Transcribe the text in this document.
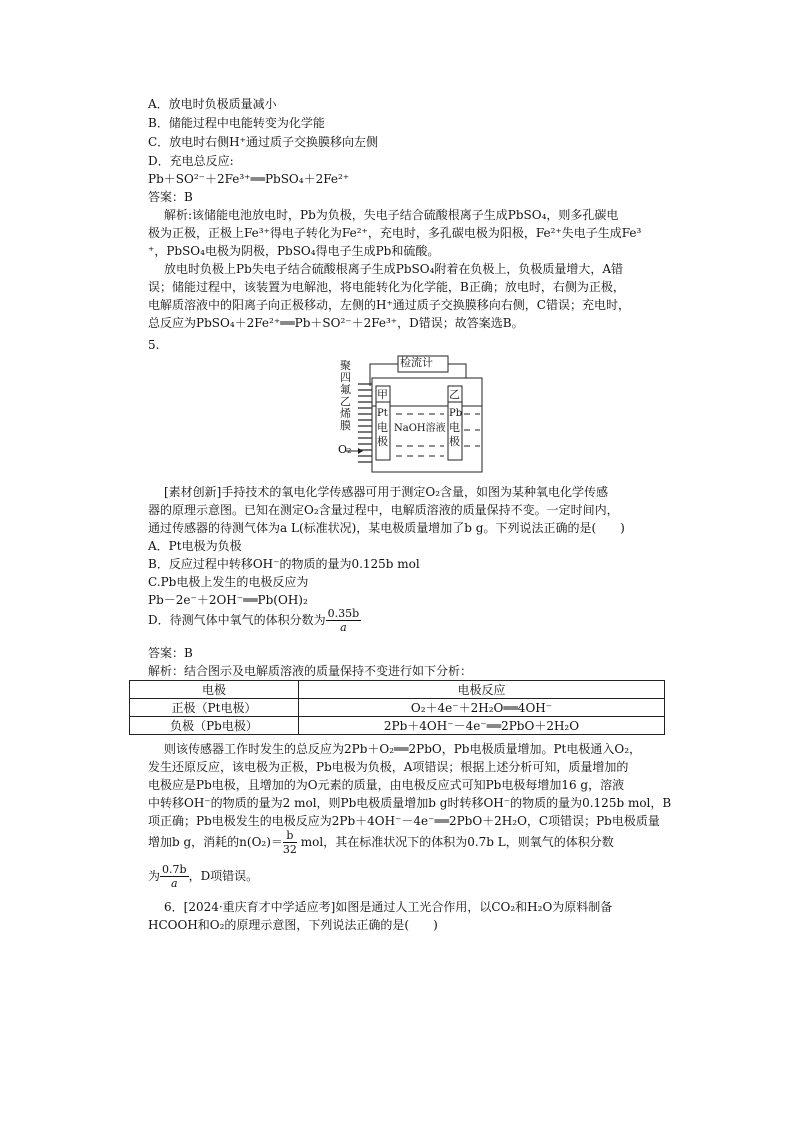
A．放电时负极质量减小
B．储能过程中电能转变为化学能
C．放电时右侧H⁺通过质子交换膜移向左侧
D．充电总反应:
Pb＋SO²⁻＋2Fe³⁺══PbSO₄＋2Fe²⁺
答案：B
解析:该储能电池放电时，Pb为负极，失电子结合硫酸根离子生成PbSO₄，则多孔碳电
极为正极，正极上Fe³⁺得电子转化为Fe²⁺，充电时，多孔碳电极为阳极，Fe²⁺失电子生成Fe³
⁺，PbSO₄电极为阴极，PbSO₄得电子生成Pb和硫酸。
放电时负极上Pb失电子结合硫酸根离子生成PbSO₄附着在负极上，负极质量增大，A错
误；储能过程中，该装置为电解池，将电能转化为化学能，B正确；放电时，右侧为正极，
电解质溶液中的阳离子向正极移动，左侧的H⁺通过质子交换膜移向右侧，C错误；充电时，
总反应为PbSO₄＋2Fe²⁺══Pb＋SO²⁻＋2Fe³⁺，D错误；故答案选B。
5.
检流计
聚
四
氟
乙
烯
膜
O₂
甲	乙
Pt
电
极
Pb
电
极
NaOH溶液
[素材创新]手持技术的氧电化学传感器可用于测定O₂含量，如图为某种氧电化学传感
器的原理示意图。已知在测定O₂含量过程中，电解质溶液的质量保持不变。一定时间内，
通过传感器的待测气体为a L(标准状况)，某电极质量增加了b g。下列说法正确的是(　　)
A．Pt电极为负极
B．反应过程中转移OH⁻的物质的量为0.125b mol
C.Pb电极上发生的电极反应为
Pb－2e⁻＋2OH⁻══Pb(OH)₂
D．待测气体中氧气的体积分数为 $\frac{0.35b}{a}$
答案：B
解析：结合图示及电解质溶液的质量保持不变进行如下分析：
电极	电极反应
正极（Pt电极）	O₂＋4e⁻＋2H₂O══4OH⁻
负极（Pb电极）	2Pb＋4OH⁻－4e⁻══2PbO＋2H₂O
则该传感器工作时发生的总反应为2Pb＋O₂══2PbO，Pb电极质量增加。Pt电极通入O₂，
发生还原反应，该电极为正极，Pb电极为负极，A项错误；根据上述分析可知，质量增加的
电极应是Pb电极，且增加的为O元素的质量，由电极反应式可知Pb电极每增加16 g，溶液
中转移OH⁻的物质的量为2 mol，则Pb电极质量增加b g时转移OH⁻的物质的量为0.125b mol，B
项正确；Pb电极发生的电极反应为2Pb＋4OH⁻－4e⁻══2PbO＋2H₂O，C项错误；Pb电极质量
增加b g，消耗的$n(O_2)= \frac{b}{32}$ mol，其在标准状况下的体积为0.7b L，则氧气的体积分数
为 $\frac{0.7b}{a}$ ，D项错误。
6．[2024·重庆育才中学适应考]如图是通过人工光合作用，以CO₂和H₂O为原料制备
HCOOH和O₂的原理示意图，下列说法正确的是(　　)
